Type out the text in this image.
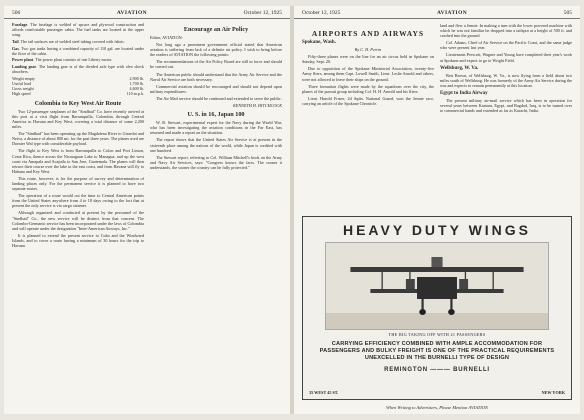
506	AVIATION	October 12, 1925

Fuselage. The fuselage is welded of spruce and plywood construction and affords comfortable passenger cabin. The fuel tanks are located in the upper wing.

Tail. The tail surfaces are of welded steel tubing covered with fabric.

Gas. Two gas tanks having a combined capacity of 110 gal. are located under the floor of the cabin.

Power plant. The power plant consists of one Liberty motor.

Landing gear. The landing gear is of the divided axle type with oleo shock absorbers.

Weight empty	2,900 lb.
Useful load	1,700 lb.
Gross weight	4,600 lb.
High speed	110 m.p.h.
Colombia to Key West Air Route

Two 12-passenger seaplanes of the "Sindbad" Co. have recently arrived at this port at a visit flight from Barranquilla, Colombia, through Central America to Havana and Key West, covering a total distance of some 2,200 miles.

The "Sindbad" has been operating up the Magdalena River to Girardot and Neiva, a distance of about 800 mi. for the past three years. The planes used are Dornier Wal type with considerable payload.

The flight to Key West is from Barranquilla to Colon and Port Limon, Costa Rica, thence across the Nicaraguan Lake to Managua, and up the west coast via Amapala and Acajutla to San Jose, Guatemala. The planes will then retrace their course over the lake to the east coast, and from Havana will fly to Habana and Key West.

This route, however, is for the purpose of survey and determination of landing places only. For the permanent service it is planned to have two separate routes.

The operation of a route would cut the time to Central American points from the United States anywhere from 4 to 18 days owing to the fact that at present the only service is via cargo steamer.

Although organized and conducted at present by the personnel of the "Sindbad" Co., the new service will be distinct from that concern. The Colombo-Germanic service has been incorporated under the laws of Colombia and will operate under the designation "Inter-American Airways, Inc."

It is planned to extend the present service to Cuba and the Windward Islands, and to cover a route having a minimum of 30 hours for the trip to Havana.

Encourage an Air Policy

Editor, AVIATION:

Not long ago a prominent government official stated that American aviation is suffering from lack of a definite air policy. I wish to bring before the readers of AVIATION the following points:

The recommendations of the Air Policy Board are still in force and should be carried out.

The American public should understand that the Army Air Service and the Naval Air Service are both necessary.

Commercial aviation should be encouraged and should not depend upon military expenditures.

The Air Mail service should be continued and extended to serve the public.

KENNETH H. HITCHCOCK
U. S. in 16, Japan 100

W. B. Stewart, experimental expert for the Navy during the World War, who has been investigating the aviation conditions in the Far East, has returned and made a report on the situation.

The report shows that the United States Air Service is at present in the sixteenth place among the nations of the world, while Japan is credited with one hundred.

The Stewart report, referring to Col. William Mitchell's book on the Army and Navy Air Services, says: "Congress knows the facts. The sooner it understands, the sooner the country can be fully protected."

October 12, 1925	AVIATION	505
AIRPORTS AND AIRWAYS
Spokane, Wash.
By C. H. Perrin

Fifty-three planes were on the line for an air circus held in Spokane on Sunday, Sept. 20.

Due to opposition of the Spokane Ministerial Association, twenty-five Army fliers, among them Capt. Lowell Smith, Lieut. Leslie Arnold and others, were not allowed to leave their ships on the ground.

Three formation flights were made by the squadrons over the city, the planes of the pursuit group including Col. H. H. Arnold and his fliers.

Lieut. Harold Fraser, 2d Sqdn. National Guard, won the Jennie race, carrying an article of the Spokane Chronicle.

land and flew a Jennie. In making a turn with the lower powered machine with which he was not familiar he dropped into a tailspin at a height of 500 ft. and crashed into the ground.

Col. Adams, Chief of Air Service on the Pacific Coast, and the same judge who were present last year.

Lieutenants Prescott, Wagner and Young have completed their year's work at Spokane and expect to go to Wright Field.

Wellsburg, W. Va.

Bert Brown, of Wellsburg, W. Va., is now flying from a field about two miles south of Wellsburg. He was formerly of the Army Air Service during the war and expects to remain permanently at this location.

Egypt to India Airway

The present military air-mail service which has been in operation for several years between Kantara, Egypt, and Bagdad, Iraq, is to be turned over to commercial hands and extended as far as Karachi, India.

HEAVY DUTY WINGS
THE BIG TAKING OFF WITH 21 PASSENGERS
CARRYING EFFICIENCY COMBINED WITH AMPLE ACCOMMODATION FOR PASSENGERS AND BULKY FREIGHT IS ONE OF THE PRACTICAL REQUIREMENTS UNEXCELLED IN THE BURNELLI TYPE OF DESIGN
REMINGTON ——— BURNELLI
35 WEST 45 ST.	NEW YORK
When Writing to Advertisers, Please Mention AVIATION
